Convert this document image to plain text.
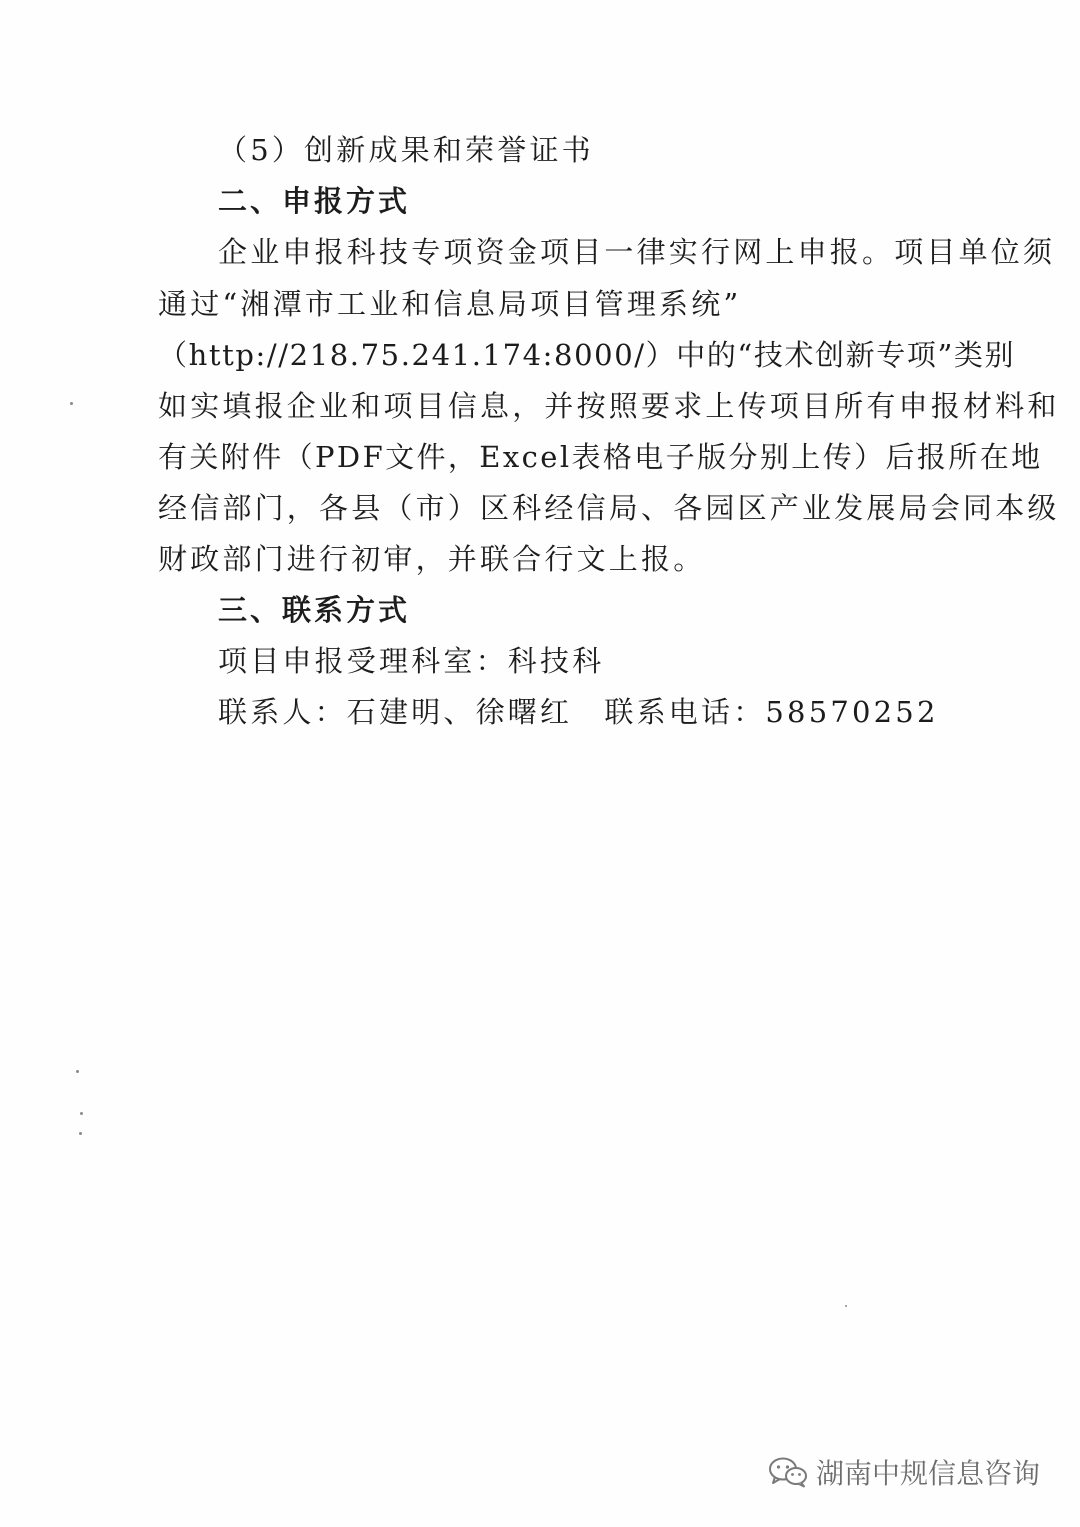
（5）创新成果和荣誉证书
二、申报方式
企业申报科技专项资金项目一律实行网上申报。项目单位须
通过“湘潭市工业和信息局项目管理系统”
（http://218.75.241.174:8000/）中的“技术创新专项”类别
如实填报企业和项目信息，并按照要求上传项目所有申报材料和
有关附件（PDF文件，Excel表格电子版分别上传）后报所在地
经信部门，各县（市）区科经信局、各园区产业发展局会同本级
财政部门进行初审，并联合行文上报。
三、联系方式
项目申报受理科室：科技科
联系人：石建明、徐曙红　联系电话：58570252
湖南中规信息咨询
